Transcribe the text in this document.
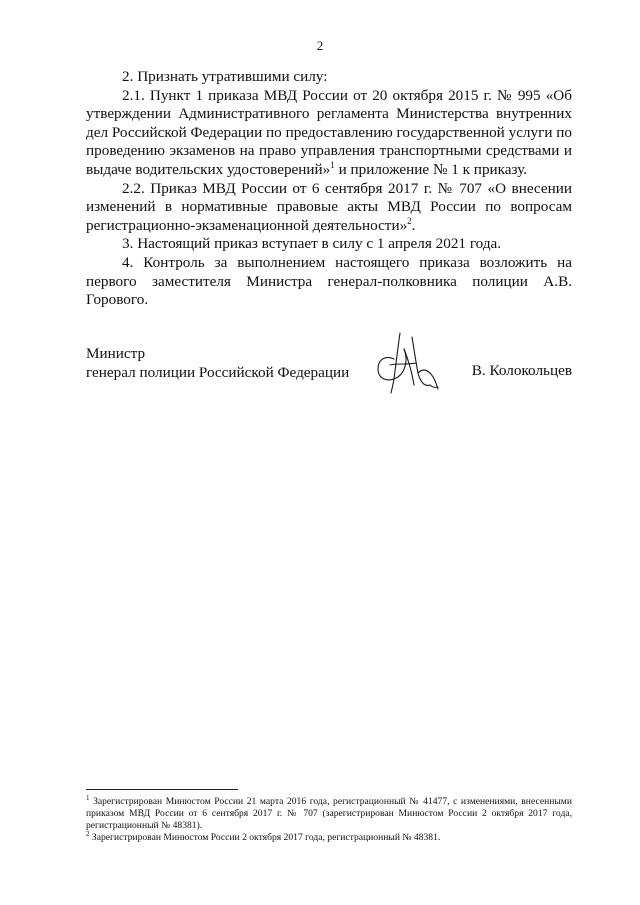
2

2. Признать утратившими силу:

2.1. Пункт 1 приказа МВД России от 20 октября 2015 г. № 995 «Об утверждении Административного регламента Министерства внутренних дел Российской Федерации по предоставлению государственной услуги по проведению экзаменов на право управления транспортными средствами и выдаче водительских удостоверений»$^1$ и приложение № 1 к приказу.

2.2. Приказ МВД России от 6 сентября 2017 г. № 707 «О внесении изменений в нормативные правовые акты МВД России по вопросам регистрационно-экзаменационной деятельности»$^2$.

3. Настоящий приказ вступает в силу с 1 апреля 2021 года.

4. Контроль за выполнением настоящего приказа возложить на первого заместителя Министра генерал-полковника полиции А.В. Горового.

Министр
генерал полиции Российской Федерации	В. Колокольцев

$^1$ Зарегистрирован Минюстом России 21 марта 2016 года, регистрационный № 41477, с изменениями, внесенными приказом МВД России от 6 сентября 2017 г. № 707 (зарегистрирован Минюстом России 2 октября 2017 года, регистрационный № 48381).

$^2$ Зарегистрирован Минюстом России 2 октября 2017 года, регистрационный № 48381.
